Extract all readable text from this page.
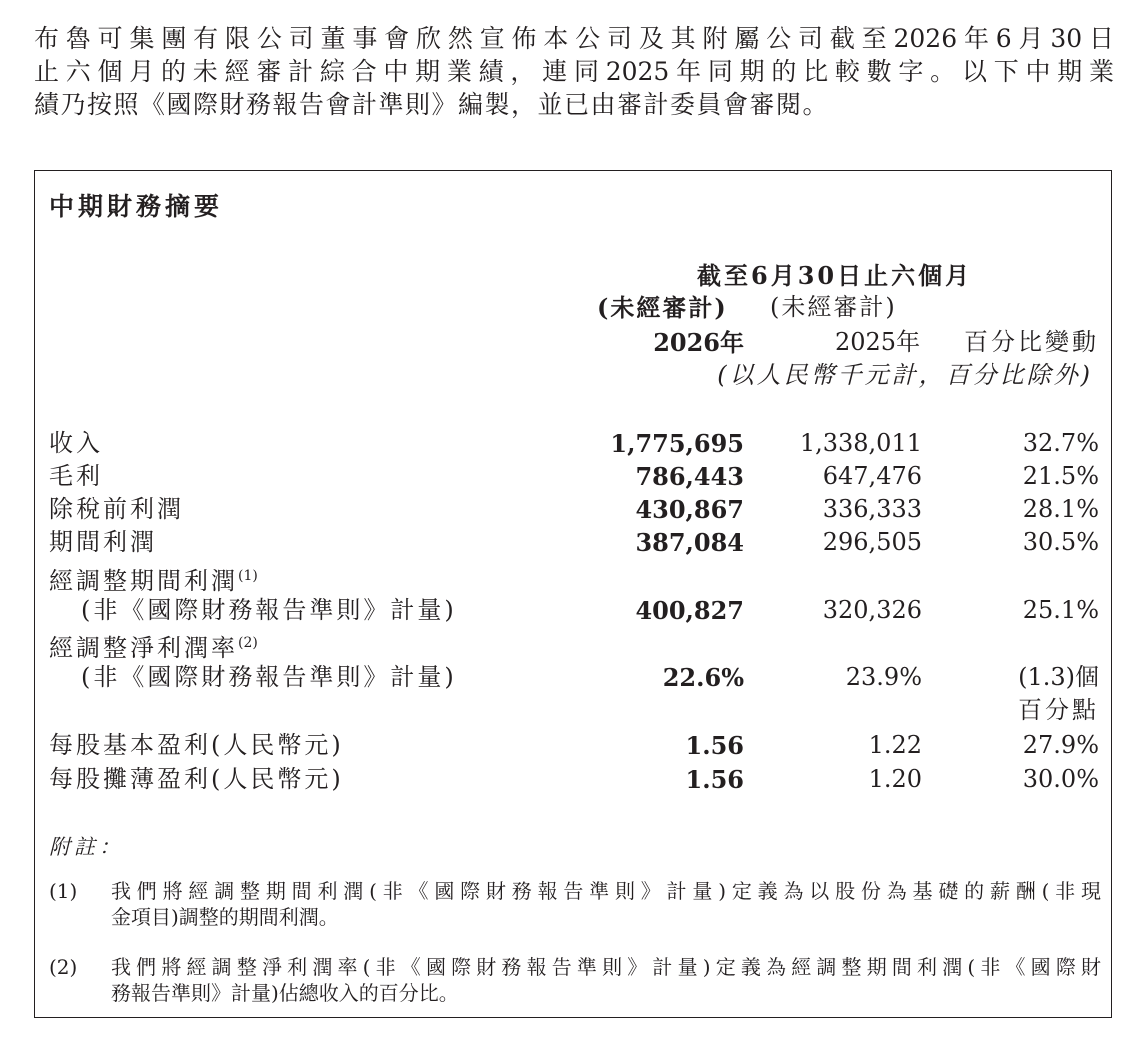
布魯可集團有限公司董事會欣然宣佈本公司及其附屬公司截至2026年6月30日
止六個月的未經審計綜合中期業績，連同2025年同期的比較數字。以下中期業
績乃按照《國際財務報告會計準則》編製，並已由審計委員會審閱。
中期財務摘要
截至6月30日止六個月
(未經審計) (未經審計)
2026年	2025年 百分比變動
(以人民幣千元計，百分比除外)
收入	1,775,695 1,338,011	32.7%
毛利	786,443	647,476	21.5%
除稅前利潤	430,867	336,333	28.1%
期間利潤	387,084	296,505	30.5%
經調整期間利潤$^{(1)}$
(非《國際財務報告準則》計量)	400,827	320,326	25.1%
經調整淨利潤率$^{(2)}$
(非《國際財務報告準則》計量)	22.6%	23.9%	(1.3)個
百分點
每股基本盈利(人民幣元)	1.56	1.22	27.9%
每股攤薄盈利(人民幣元)	1.56	1.20	30.0%
附註：
(1) 我們將經調整期間利潤(非《國際財務報告準則》計量)定義為以股份為基礎的薪酬(非現
金項目)調整的期間利潤。
(2) 我們將經調整淨利潤率(非《國際財務報告準則》計量)定義為經調整期間利潤(非《國際財
務報告準則》計量)佔總收入的百分比。
